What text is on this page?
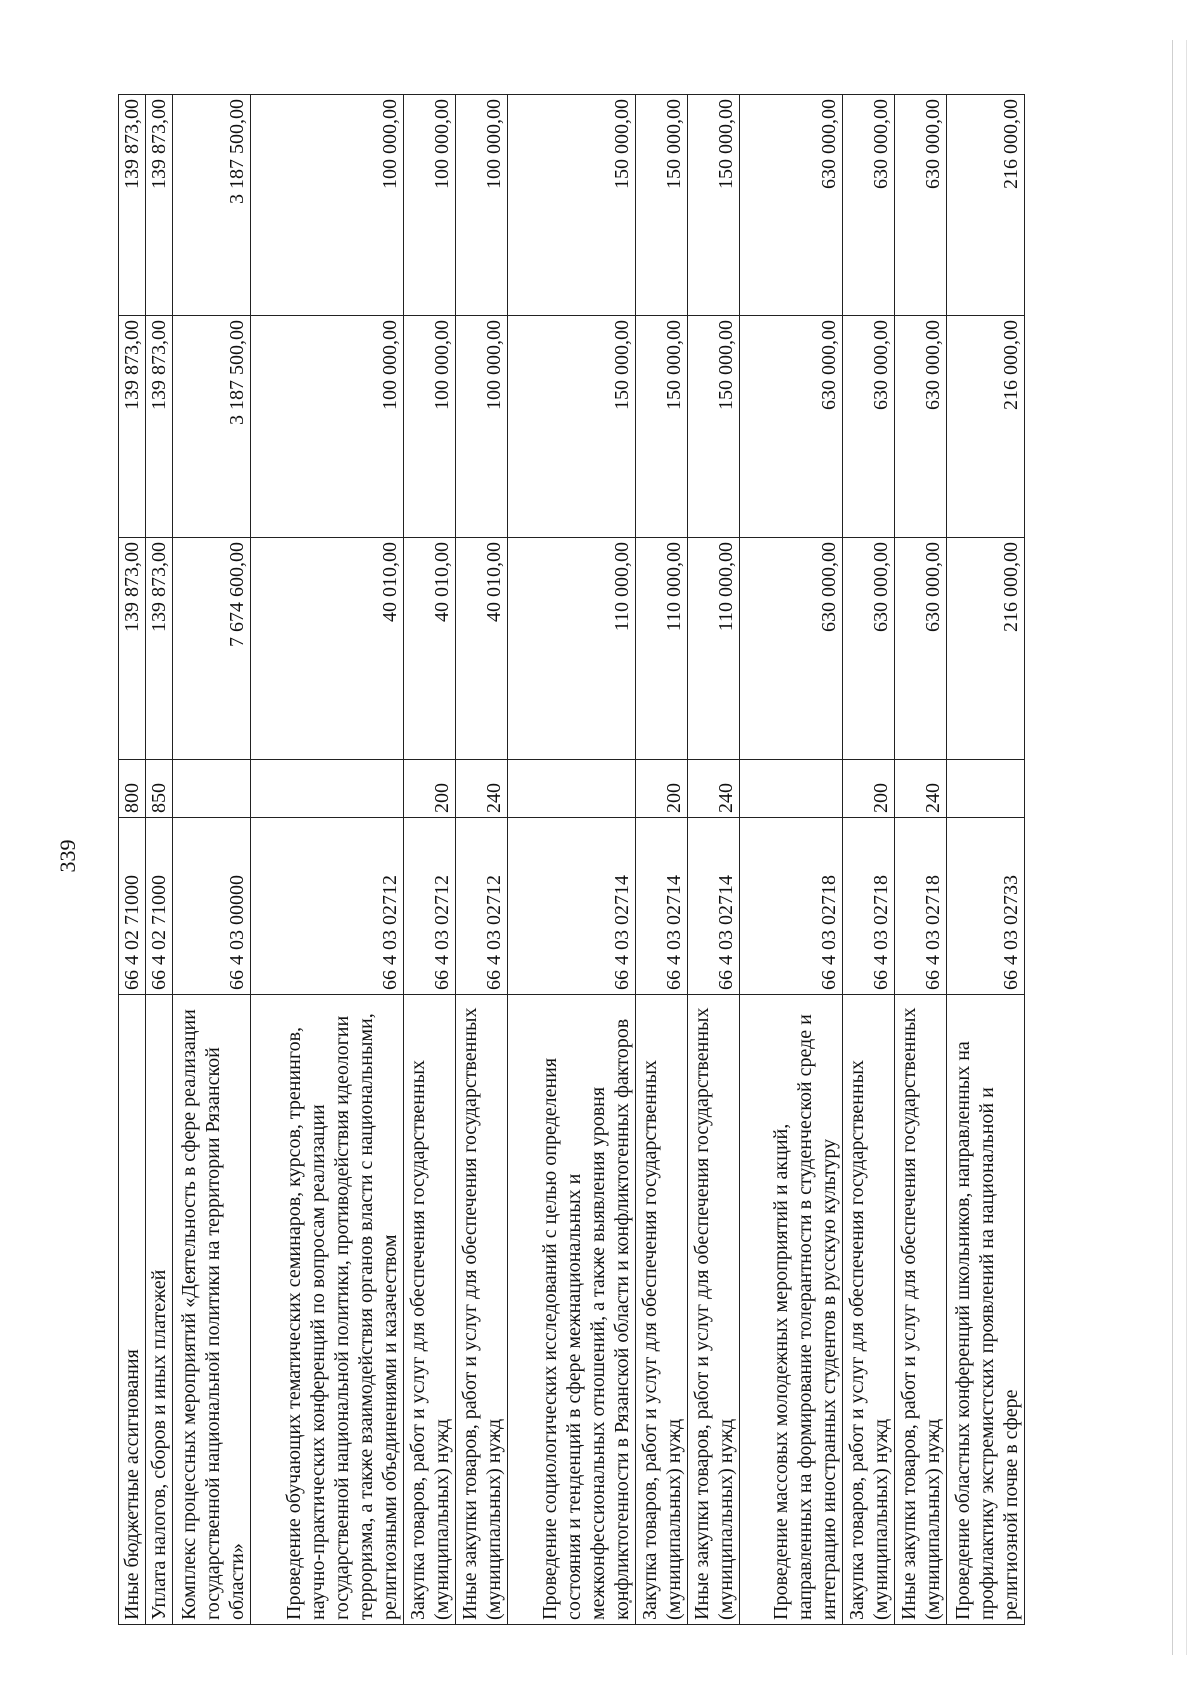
339
Иные бюджетные ассигнования	66 4 02 71000	800	139 873,00	139 873,00	139 873,00
Уплата налогов, сборов и иных платежей	66 4 02 71000	850	139 873,00	139 873,00	139 873,00
Комплекс процессных мероприятий «Деятельность в сфере реализации государственной национальной политики на территории Рязанской области»	66 4 03 00000		7 674 600,00	3 187 500,00	3 187 500,00
Проведение обучающих тематических семинаров, курсов, тренингов, научно-практических конференций по вопросам реализации государственной национальной политики, противодействия идеологии терроризма, а также взаимодействия органов власти с национальными, религиозными объединениями и казачеством	66 4 03 02712		40 010,00	100 000,00	100 000,00
Закупка товаров, работ и услуг для обеспечения государственных (муниципальных) нужд	66 4 03 02712	200	40 010,00	100 000,00	100 000,00
Иные закупки товаров, работ и услуг для обеспечения государственных (муниципальных) нужд	66 4 03 02712	240	40 010,00	100 000,00	100 000,00
Проведение социологических исследований с целью определения состояния и тенденций в сфере межнациональных и межконфессиональных отношений, а также выявления уровня конфликтогенности в Рязанской области и конфликтогенных факторов	66 4 03 02714		110 000,00	150 000,00	150 000,00
Закупка товаров, работ и услуг для обеспечения государственных (муниципальных) нужд	66 4 03 02714	200	110 000,00	150 000,00	150 000,00
Иные закупки товаров, работ и услуг для обеспечения государственных (муниципальных) нужд	66 4 03 02714	240	110 000,00	150 000,00	150 000,00
Проведение массовых молодежных мероприятий и акций, направленных на формирование толерантности в студенческой среде и интеграцию иностранных студентов в русскую культуру	66 4 03 02718		630 000,00	630 000,00	630 000,00
Закупка товаров, работ и услуг для обеспечения государственных (муниципальных) нужд	66 4 03 02718	200	630 000,00	630 000,00	630 000,00
Иные закупки товаров, работ и услуг для обеспечения государственных (муниципальных) нужд	66 4 03 02718	240	630 000,00	630 000,00	630 000,00
Проведение областных конференций школьников, направленных на профилактику экстремистских проявлений на национальной и религиозной почве в сфере	66 4 03 02733		216 000,00	216 000,00	216 000,00
